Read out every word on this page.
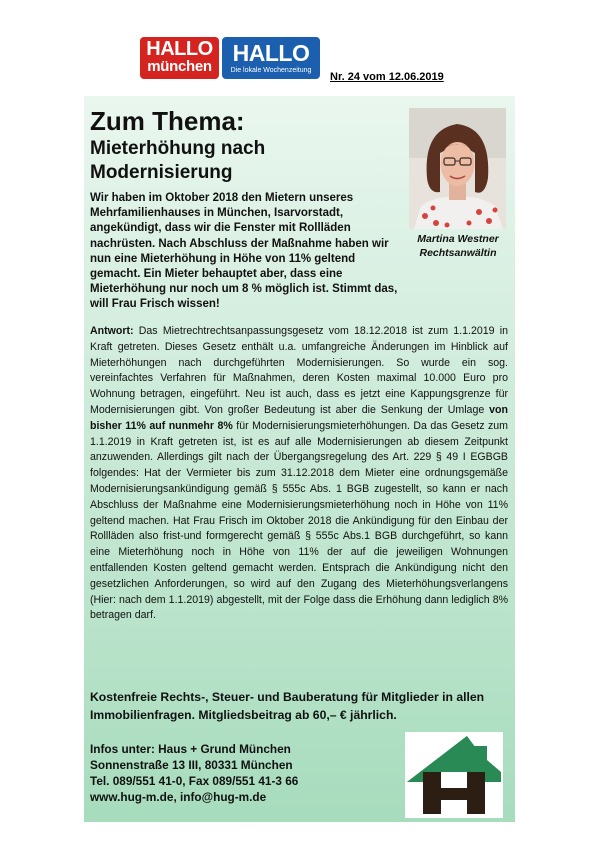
HALLO
münchen
HALLO
Die lokale Wochenzeitung
Nr. 24 vom 12.06.2019
Zum Thema:
Mieterhöhung nach Modernisierung
Wir haben im Oktober 2018 den Mietern unseres Mehrfamilienhauses in München, Isarvorstadt, angekündigt, dass wir die Fenster mit Rollläden nachrüsten. Nach Abschluss der Maßnahme haben wir nun eine Mieterhöhung in Höhe von 11% geltend gemacht. Ein Mieter behauptet aber, dass eine Mieterhöhung nur noch um 8 % möglich ist. Stimmt das, will Frau Frisch wissen!
Martina Westner
Rechtsanwältin
Antwort: Das Mietrechtrechtsanpassungsgesetz vom 18.12.2018 ist zum 1.1.2019 in Kraft getreten. Dieses Gesetz enthält u.a. umfangreiche Änderungen im Hinblick auf Mieterhöhungen nach durchgeführten Modernisierungen. So wurde ein sog. vereinfachtes Verfahren für Maßnahmen, deren Kosten maximal 10.000 Euro pro Wohnung betragen, eingeführt. Neu ist auch, dass es jetzt eine Kappungsgrenze für Modernisierungen gibt. Von großer Bedeutung ist aber die Senkung der Umlage von bisher 11% auf nunmehr 8% für Modernisierungsmieterhöhungen. Da das Gesetz zum 1.1.2019 in Kraft getreten ist, ist es auf alle Modernisierungen ab diesem Zeitpunkt anzuwenden. Allerdings gilt nach der Übergangsregelung des Art. 229 § 49 I EGBGB folgendes: Hat der Vermieter bis zum 31.12.2018 dem Mieter eine ordnungsgemäße Modernisierungsankündigung gemäß § 555c Abs. 1 BGB zugestellt, so kann er nach Abschluss der Maßnahme eine Modernisierungsmieterhöhung noch in Höhe von 11% geltend machen. Hat Frau Frisch im Oktober 2018 die Ankündigung für den Einbau der Rollläden also frist-und formgerecht gemäß § 555c Abs.1 BGB durchgeführt, so kann eine Mieterhöhung noch in Höhe von 11% der auf die jeweiligen Wohnungen entfallenden Kosten geltend gemacht werden. Entsprach die Ankündigung nicht den gesetzlichen Anforderungen, so wird auf den Zugang des Mieterhöhungsverlangens (Hier: nach dem 1.1.2019) abgestellt, mit der Folge dass die Erhöhung dann lediglich 8% betragen darf.
Kostenfreie Rechts-, Steuer- und Bauberatung für Mitglieder in allen Immobilienfragen. Mitgliedsbeitrag ab 60,– € jährlich.
Infos unter: Haus + Grund München
Sonnenstraße 13 III, 80331 München
Tel. 089/551 41-0, Fax 089/551 41-3 66
www.hug-m.de, info@hug-m.de
